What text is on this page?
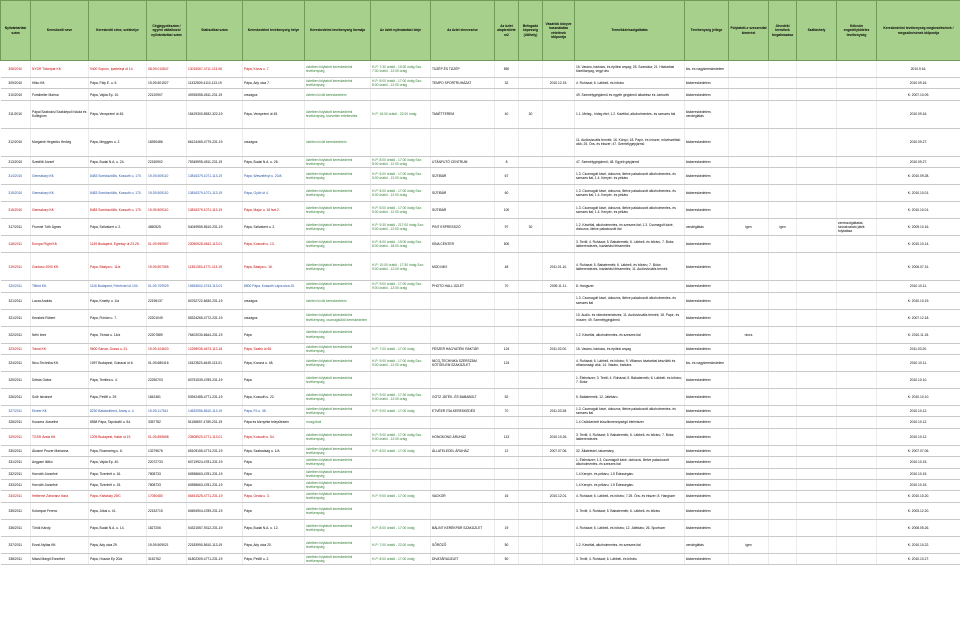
Nyilvántartási szám	Kereskedő neve	Kereskedő címe, székhelye	Cégjegyzékszám / egyéni vállalkozói nyilvántartási szám	Statisztikai szám	Kereskedelmi tevékenység helye	Kereskedelmi tevékenység formája	Az üzlet nyitvatartási ideje	Az üzlet elnevezése	Az üzlet alapterülete m2	Befogadó képesség (ülőhely)	Vásárlók könyve használatba vételének időpontja	Termékkör/szolgáltatás	Tevékenység jellege	Folytatott-e szeszesital kimérést	Jövedéki termékek forgalmazása	Szálláshely	Kölcsön engedélyköteles tevékenység	Kereskedelmi tevékenység megkezdésének / megszűnésének időpontja
308/2010	NYDR Ticketpár Kft.	9400 Sopron, Ipartelepi út 14.	08-09-010847	13015067-4711-113-08	Pápa, Kórus u. 7.	üzletben folytatott kereskedelmi tevékenység	H-P: 7:30 órától - 15:30 óráig Szo: 7:30 órától - 12:00 óráig	TÜZÉP ÉS TÜZÉP	850			16. Vasáru, barkács, és építési anyag; 25. Szamóka; 21. Háztartási tüzelőanyag, vegyi áru	kis- és nagykereskedelem					2010.9.16.
309/2010	Hilko Kft.	Pápa, Pály E. u. 5.	19-09-501927	11332509-4110-113-19	Pápa, Ady utca 7.	üzletben folytatott kereskedelmi tevékenység	H-P: 8:00 órától - 17:00 óráig Szo: 8:00 órától - 12:00 óráig	TEMPO SPORTRUHÁZAT	32		2010.12.15.	4. Ruházat; 6. Lábbeli- és bőráru	kiskereskedelem					2010.09.16.
310/2010	Forstbeller Marina	Pápa, Vajda Ep. 10.	22120907	40935355-4511-231-19	országos	üzleten kívüli kereskedelem						49. Személygépjármű és egyéb gépjármű alkatrész és -tartozék	kiskereskedelem					K: 2007.10.09.
311/2010	Pápai Szabolcsi Szakképző Iskola és Kollégium	Pápa, Vecsprémi út 45.		15429300-8532-322-19	Pápa, Vecsprémi út 45.	üzletben folytatott kereskedelmi tevékenység, közvetlen értékesítés	H-P: 16:00 órától - 22:00 óráig	TANÉTTEREM	40	30		1.1. Meleg-, hideg étel; 1.2. Kávéital, alkoholmentes- és szeszes ital	kiskereskedelem, vendéglátás					2010.09.16.
312/2010	Morgainé Hegedüs Hedvig	Pápa, Meggyes u. 2.	18390486	66124469-4779-231-19	országos	üzleten kívüli kereskedelem						11. Audiovizuális termék; 16. Könyv; 18. Papír- és írószer, művészellátó cikk; 25. Óra- és ékszer; 47. Személygépjármű	kiskereskedelem					2010.09.27.
313/2010	Szeidlitt József	Pápa, Budai N.A. u. 24.	22150902	75345995-4511-231-19	Pápa, Budai N.A. u. 26.	üzletben folytatott kereskedelmi tevékenység	H-P: 8:00 órától - 17:00 óráig Szo: 8:00 órától - 12:00 óráig	UTÁNFUTÓ CENTRUM	8			47. Személygépjármű; 48. Egyéb gépjármű	kiskereskedelem					2010.09.27.
314/2010	Germakorp Kft.	8483 Somlószőlős, Kossuth u. 170.	19-09-509110	13816379-1071-113-19	Pápa, Weszelényi u. 20/A	üzletben folytatott kereskedelmi tevékenység	H-P: 5:00 órától - 17:00 óráig Szo: 5:00 órától - 12:00 óráig	SÜTIBÁR	67			1.3. Csomagolt kávé, dobozos, illetve palackozott alkoholmentes- és szeszes ital; 1.4. Kenyér- és pékáru	kiskereskedelem					K: 2010.09.28.
315/2010	Germakorp Kft.	8483 Somlószőlős, Kossuth u. 170.	19-09-509110	13816379-1071-113-19	Pápa, Győri út 4.	üzletben folytatott kereskedelmi tevékenység	H-P: 5:00 órától - 17:00 óráig Szo: 5:00 órától - 12:00 óráig	SÜTIBÁR	60			1.3. Csomagolt kávé, dobozos, illetve palackozott alkoholmentes- és szeszes ital; 1.4. Kenyér- és pékáru	kiskereskedelem					K: 2010.10.01.
316/2010	Germakorp Kft.	8483 Somlószőlős, Kossuth u. 170.	19-09-509110	13816379-1071-113-19	Pápa, Major u. 18 fszt.2.	üzletben folytatott kereskedelmi tevékenység	H-P: 5:00 órától - 17:00 óráig Szo: 5:00 órától - 12:00 óráig	SÜTIBÁR	100			1.3. Csomagolt kávé, dobozos, illetve palackozott alkoholmentes- és szeszes ital; 1.4. Kenyér- és pékáru	kiskereskedelem					K: 2010.10.01.
317/2011	Frumné Tóth Ágnes	Pápa, Szilvakert u. 2.	4860525	54049959-5610-231-19	Pápa, Szilvakert u. 2.	üzletben folytatott kereskedelmi tevékenység	H-P: 9:30 órától - 217:00 óráig Szo: 9:00 órától - 12:00 óráig	PINT ESPRESSZÓ	97	30		1.2. Kávéital, alkoholmentes- és szeszes ital; 1.3. Csomagolt kávé, dobozos, illetve palackozott ital	vendéglátás	igen	igen		zeneszolgáltatás, szórakoztató játék folytatása	K: 2009.10.16.
318/2011	Europa Flight Kft.	1149 Budapest, Egressy út 23-25.	01-09-950597	23050528-4642-113-01	Pápa, Kossuth u. 13.	üzletben folytatott kereskedelmi tevékenység	H-P: 8:00 órától - 19:00 óráig Szo: 8:00 órától - 18:00 óráig	KÍNA CENTER	500			3. Textil; 4. Ruházat; 5. Babatermék; 6. Lábbeli- és bőráru; 7. Bútor, lakberendezés, háztartási felszerelés	kiskereskedelem					K: 2010.10.14.
319/2011	Gordoso 2000 Kft.	Pápa, Bástya u. 11/a	19-09-507355	11381353-4771-113-19	Pápa, Bástya u. 16.	üzletben folytatott kereskedelmi tevékenység	H-P: 10:00 órától - 17:30 óráig Szo: 9:00 órától - 12:00 óráig	MODI MIX	48		2011.01.10.	4. Ruházat; 5. Babatermék; 6. Lábbeli- és bőráru; 7. Bútor, lakberendezés, háztartási felszerelés; 11. Audiovizuális termék	kiskereskedelem					K: 2006.07.31.
320/2011	Tiffold Kft.	1116 Budapest, Fehérvári út 104.	01-09-709929	10653602-4743-113-01	8500 Pápa, Kossuth Lajos utca 20.	üzletben folytatott kereskedelmi tevékenység	H-P: 9:00 órától - 17:00 óráig Szo: 9:00 órától - 12:00 óráig	PHOTO HALL ÜZLET	70		2009.11.11.	8. Hangszer	kiskereskedelem					2010.10.11.
321/2011	Lucza András	Pápa, Kmetty u. 1/a	22196137	60762722-6630-231-19	országos	üzleten kívüli kereskedelem						1.3. Csomagolt kávé, dobozos, illetve palackozott alkoholmentes- és szeszes ital	kiskereskedelem					K: 2010.10.19.
321/2011	Kecskés Róbert	Pápa, Flórián u. 7.	22201049	65324265-4772-231-19	országos	üzletben folytatott kereskedelmi tevékenység, csomagküldő kereskedelem						10. Audió- és videoberendezés; 11. Audiovizuális termék; 18. Papír- és írószer; 49. Személygépjármű	kiskereskedelem					K: 2007.12.18.
322/2011	Néhi Imre	Pápa, Tézsla u. 14/a	22207889	76402030-6644-231-19	Pápa	üzletben folytatott kereskedelmi tevékenység						1.2. Kávéital, alkoholmentes- és szeszes ital	kiskereskedelem	nincs				K: 2010.11.15.
323/2011	Tolnai Kft.	9600 Sárvár, Dózsa u. 21.	19-09-104620	12298935-4673-113-18	Pápa, Szabó út 65.	üzletben folytatott kereskedelmi tevékenység	H-P: 7:00 órától - 17:00 óráig	FÉSZER HAGYATÉKI RAKTÁR	124		2011.02.00.	16. Vasáru, barkács, és építési anyag	kiskereskedelem					2011.03.20.
324/2011	Nico-Technika Kft.	1097 Budapest, Gubacsi út 6.	01-09-680416	11523523-4649-113-01	Pápa, Korona u. 48.	üzletben folytatott kereskedelmi tevékenység	H-P: 9:00 órától - 17:00 óráig Szo: 9:00 órától - 12:00 óráig	NICO-TECHNIKA SZERSZÁM KÖTŐELEM SZAKÜZLET	124			4. Ruházat; 6. Lábbeli- és bőráru; 9. Villamos háztartási készülék és villamossági cikk; 14. Vasáru, barkács	kis- és nagykereskedelem					2010.10.11.
325/2011	Dóbás Gábor	Pápa, Textiles u. 4.	22250703	60751539-4789-231-19	Pápa	üzletben folytatott kereskedelmi tevékenység						1. Élelmiszer; 3. Textil; 4. Ruházat; 5. Babatermék; 6. Lábbeli- és bőráru; 7. Bútor	kiskereskedelem					2010.10.10.
326/2011	Szőr Istvánné	Pápa, Petőfi u. 29.	1842481	53942485-4771-231-19	Pápa, Kossuth u. 22.	üzletben folytatott kereskedelmi tevékenység	H-P: 9:00 órától - 17:30 óráig Szo: 9:00 órától - 12:00 óráig	GÖTZ JÁTÉK- ÉS BABABOLT	52			5. Babatermék; 12. Játékáru	kiskereskedelem					K: 2010.10.10.
327/2011	Etvéer Kft.	8230 Balatonfüred, Arany u. 4.	19-09-117541	14632956-8610-113-19	Pápa, Fő u. 38.	üzletben folytatott kereskedelmi tevékenység	H-P: 9:00 órától - 17:00 óráig	ETVÉER ITALKERESKEDÉS	70		2011.03.28.	1.3. Csomagolt kávé, dobozos, illetve palackozott alkoholmentes- és szeszes ital	kiskereskedelem					2010.10.12.
328/2011	Kucsera Józsefné	8558 Pápa, Tapolcafő u. 54.	3357782	51158697-4789-231-19	Pápa és környéke településein	mozgóbolt						1.4 Csökkentett küszöbmennyiségű élelmiszer	kiskereskedelem					2010.10.12.
329/2011	TGSH Ázsia Kft.	1205 Budapest, Határ út 19.	01-09-859658	23508920-4771-113-01	Pápa, Kossuth u. 54.	üzletben folytatott kereskedelmi tevékenység	H-P: 9:00 órától - 17:00 óráig Szo: 9:00 órától - 12:00 óráig	HONGKONG ÁRUHÁZ	113		2010.10.26.	3. Textil; 4. Ruházat; 5. Babatermék; 6. Lábbeli- és bőráru; 7. Bútor, lakberendezés	kiskereskedelem					2010.10.12.
330/2011	Ákosné Pruzer Marianna	Pápa, Rozmaring u. 6.	13279676	65109155-4774-231-19	Pápa, Szabadság u. 1/A	üzletben folytatott kereskedelmi tevékenység	H-P: 8:00 órától - 17:00 óráig	ÁLLATELEDEL ÁRUHÁZ	12		2007.07.06.	32. Állateledel, takarmány	kiskereskedelem					K: 2007.07.06.
331/2011	Angyani Ildikó	Pápa, Vajda Ep. 40.	22072733	60719924-4781-231-19	Pápa	üzletben folytatott kereskedelmi tevékenység						1. Élelmiszer; 1.3. Csomagolt kávé, dobozos, illetve palackozott alkoholmentes- és szeszes ital	kiskereskedelem					2010.10.15.
332/2011	Horváth Józsefné	Pápa, Tizenhét u. 16.	7808733	60558663-4781-231-19	Pápa	üzletben folytatott kereskedelmi tevékenység						1.4 Kenyér- és pékáru; 1.5 Édességáru	kiskereskedelem					2010.10.15.
333/2011	Horváth Józsefné	Pápa, Tizenhét u. 15.	7808733	60558663-4781-231-19	Pápa	üzletben folytatott kereskedelmi tevékenység						1.4 Kenyér- és pékáru; 1.5 Édességáru	kiskereskedelem					2010.10.15.
334/2011	Hellermé Zahoranz Ilona	Pápa, Kisfaludy 29/C	17050480	65451525-4771-231-19	Pápa, Gedai u. 3.	üzletben folytatott kereskedelmi tevékenység	H-P: 9:00 órától - 17:00 óráig	VACKOR	16		2010.12.01.	4. Ruházat; 6. Lábbeli- és bőráru; 7.25. Óra- és ékszer; 8. Hangszer	kiskereskedelem					K: 2010.10.20.
335/2011	Kolompár Ferenc	Pápa, Jókai u. 41.	22152715	60694904-4789-231-19	Pápa	üzletben folytatott kereskedelmi tevékenység						3. Textil; 4. Ruházat; 5. Babatermék; 6. Lábbeli- és bőráru	kiskereskedelem					K: 2003.12.20.
336/2011	Török Károly	Pápa, Budai N.A. u. 14.	1827206	54321557-9312-231-19	Pápa, Budai N.A. u. 12.	üzletben folytatott kereskedelmi tevékenység	H-P: 8:00 órától - 17:00 óráig	BÁLINT KERÉKPÁR SZAKÜZLET	19			4. Ruházat; 6. Lábbeli- és bőráru; 12. Játékáru; 26. Sportszer	kiskereskedelem					K: 2008.05.26.
337/2011	Enzsl-Nyitás Kft.	Pápa, Ady utca 29.	19-09-509021	22183990-5610-113-19	Pápa, Ady utca 20.	üzletben folytatott kereskedelmi tevékenység	H-P: 7:00 órától - 22:00 óráig	SŐRÖZŐ	50			1.2. Kávéital, alkoholmentes- és szeszes ital	vendéglátás	igen				K: 2010.10.22.
338/2011	Mácsi Margit Erzsébet	Pápa, Huszár Ep 20/a	3152762	61802309-4771-231-19	Pápa, Petőfi u. 2.	üzletben folytatott kereskedelmi tevékenység	H-P: 8:00 órától - 17:00 óráig	DIVATÁRUÜZLET	50			3. Textil; 4. Ruházat; 6. Lábbeli- és bőráru	kiskereskedelem					K: 2010.10.27.
